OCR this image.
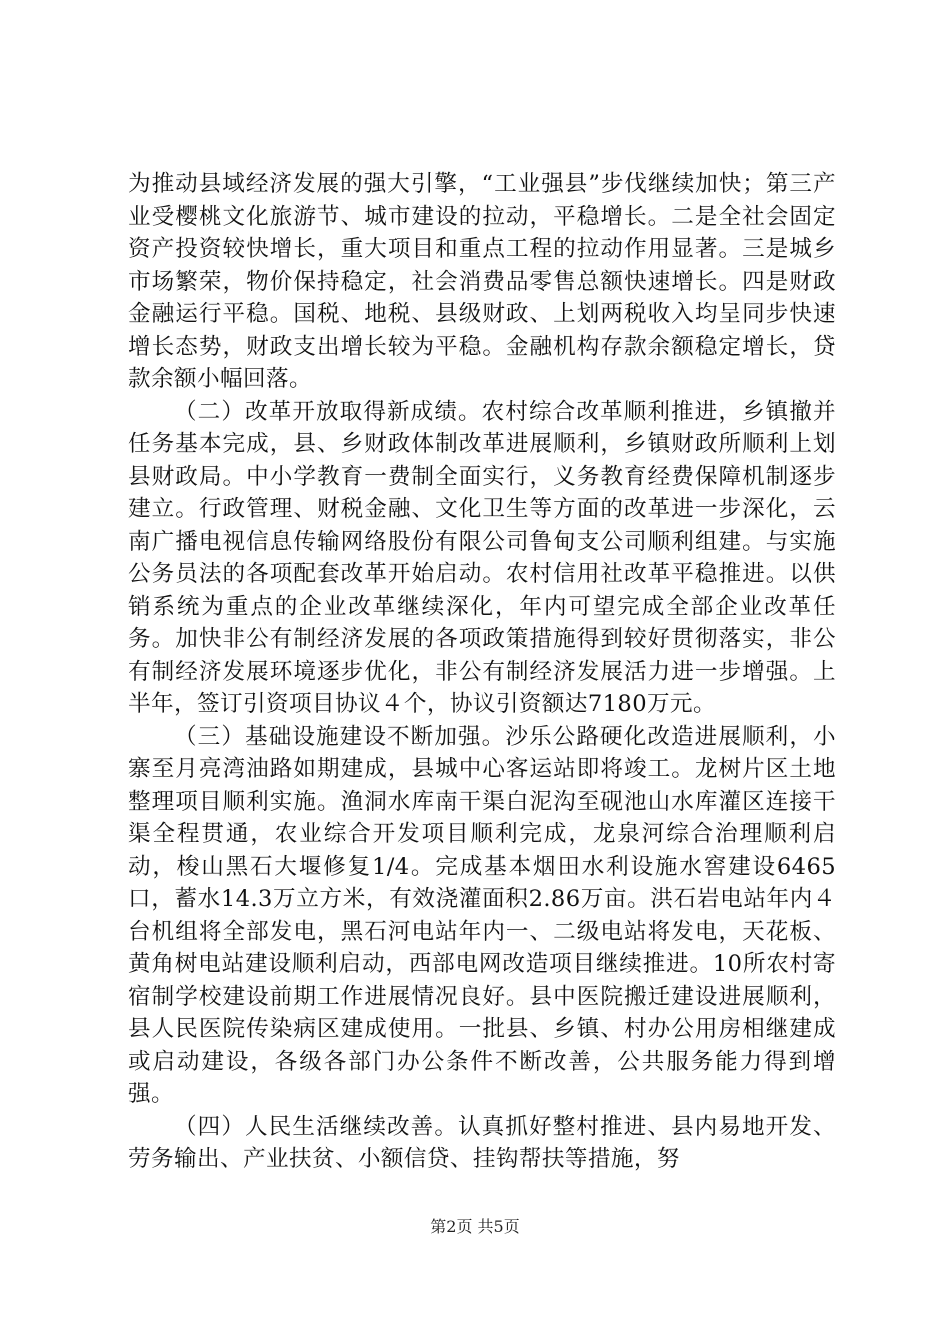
为推动县域经济发展的强大引擎，“工业强县”步伐继续加快；第三产业受樱桃文化旅游节、城市建设的拉动，平稳增长。二是全社会固定资产投资较快增长，重大项目和重点工程的拉动作用显著。三是城乡市场繁荣，物价保持稳定，社会消费品零售总额快速增长。四是财政金融运行平稳。国税、地税、县级财政、上划两税收入均呈同步快速增长态势，财政支出增长较为平稳。金融机构存款余额稳定增长，贷款余额小幅回落。

（二）改革开放取得新成绩。农村综合改革顺利推进，乡镇撤并任务基本完成，县、乡财政体制改革进展顺利，乡镇财政所顺利上划县财政局。中小学教育一费制全面实行，义务教育经费保障机制逐步建立。行政管理、财税金融、文化卫生等方面的改革进一步深化，云南广播电视信息传输网络股份有限公司鲁甸支公司顺利组建。与实施公务员法的各项配套改革开始启动。农村信用社改革平稳推进。以供销系统为重点的企业改革继续深化，年内可望完成全部企业改革任务。加快非公有制经济发展的各项政策措施得到较好贯彻落实，非公有制经济发展环境逐步优化，非公有制经济发展活力进一步增强。上半年，签订引资项目协议４个，协议引资额达7180万元。

（三）基础设施建设不断加强。沙乐公路硬化改造进展顺利，小寨至月亮湾油路如期建成，县城中心客运站即将竣工。龙树片区土地整理项目顺利实施。渔洞水库南干渠白泥沟至砚池山水库灌区连接干渠全程贯通，农业综合开发项目顺利完成，龙泉河综合治理顺利启动，梭山黑石大堰修复1/4。完成基本烟田水利设施水窖建设6465口，蓄水14.3万立方米，有效浇灌面积2.86万亩。洪石岩电站年内４台机组将全部发电，黑石河电站年内一、二级电站将发电，天花板、黄角树电站建设顺利启动，西部电网改造项目继续推进。10所农村寄宿制学校建设前期工作进展情况良好。县中医院搬迁建设进展顺利，县人民医院传染病区建成使用。一批县、乡镇、村办公用房相继建成或启动建设，各级各部门办公条件不断改善，公共服务能力得到增强。

（四）人民生活继续改善。认真抓好整村推进、县内易地开发、劳务输出、产业扶贫、小额信贷、挂钩帮扶等措施，努

第2页 共5页
